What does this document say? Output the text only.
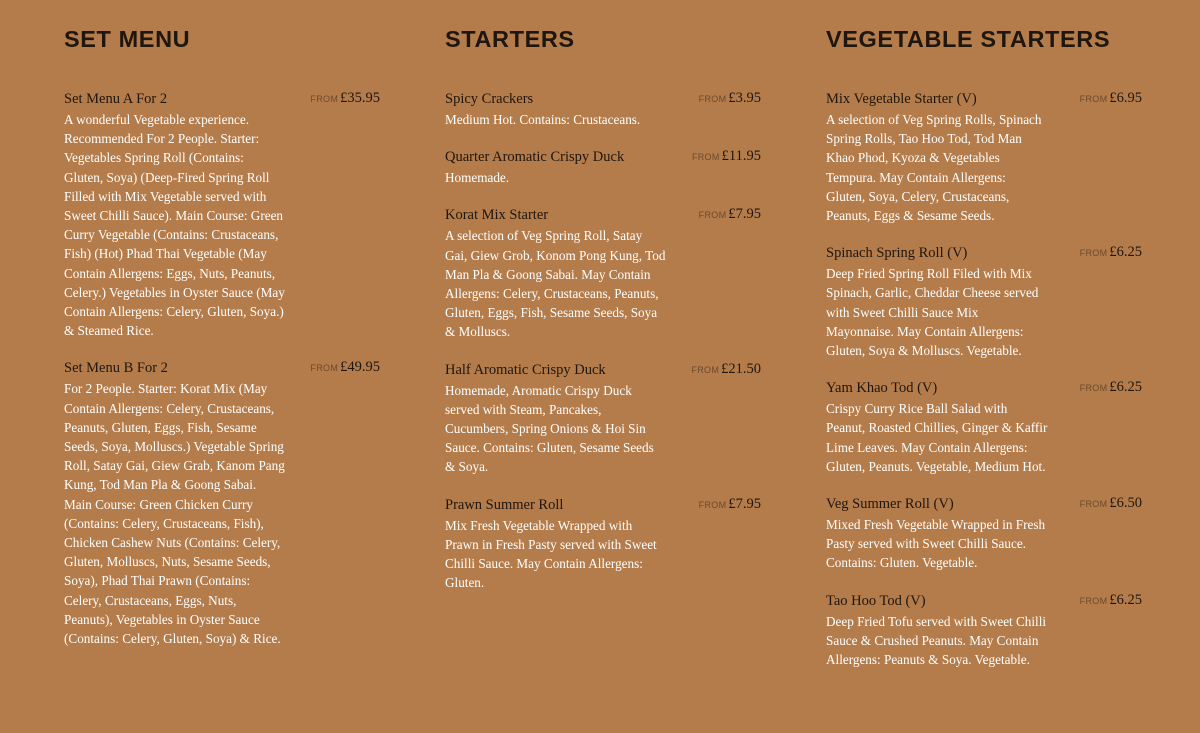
SET MENU
Set Menu A For 2	FROM £35.95
A wonderful Vegetable experience. Recommended For 2 People. Starter: Vegetables Spring Roll (Contains: Gluten, Soya) (Deep-Fired Spring Roll Filled with Mix Vegetable served with Sweet Chilli Sauce). Main Course: Green Curry Vegetable (Contains: Crustaceans, Fish) (Hot) Phad Thai Vegetable (May Contain Allergens: Eggs, Nuts, Peanuts, Celery.) Vegetables in Oyster Sauce (May Contain Allergens: Celery, Gluten, Soya.) & Steamed Rice.
Set Menu B For 2	FROM £49.95
For 2 People. Starter: Korat Mix (May Contain Allergens: Celery, Crustaceans, Peanuts, Gluten, Eggs, Fish, Sesame Seeds, Soya, Molluscs.) Vegetable Spring Roll, Satay Gai, Giew Grab, Kanom Pang Kung, Tod Man Pla & Goong Sabai. Main Course: Green Chicken Curry (Contains: Celery, Crustaceans, Fish), Chicken Cashew Nuts (Contains: Celery, Gluten, Molluscs, Nuts, Sesame Seeds, Soya), Phad Thai Prawn (Contains: Celery, Crustaceans, Eggs, Nuts, Peanuts), Vegetables in Oyster Sauce (Contains: Celery, Gluten, Soya) & Rice.
STARTERS
Spicy Crackers	FROM £3.95
Medium Hot. Contains: Crustaceans.
Quarter Aromatic Crispy Duck	FROM £11.95
Homemade.
Korat Mix Starter	FROM £7.95
A selection of Veg Spring Roll, Satay Gai, Giew Grob, Konom Pong Kung, Tod Man Pla & Goong Sabai. May Contain Allergens: Celery, Crustaceans, Peanuts, Gluten, Eggs, Fish, Sesame Seeds, Soya & Molluscs.
Half Aromatic Crispy Duck	FROM £21.50
Homemade, Aromatic Crispy Duck served with Steam, Pancakes, Cucumbers, Spring Onions & Hoi Sin Sauce. Contains: Gluten, Sesame Seeds & Soya.
Prawn Summer Roll	FROM £7.95
Mix Fresh Vegetable Wrapped with Prawn in Fresh Pasty served with Sweet Chilli Sauce. May Contain Allergens: Gluten.
VEGETABLE STARTERS
Mix Vegetable Starter (V)	FROM £6.95
A selection of Veg Spring Rolls, Spinach Spring Rolls, Tao Hoo Tod, Tod Man Khao Phod, Kyoza & Vegetables Tempura. May Contain Allergens: Gluten, Soya, Celery, Crustaceans, Peanuts, Eggs & Sesame Seeds.
Spinach Spring Roll (V)	FROM £6.25
Deep Fried Spring Roll Filed with Mix Spinach, Garlic, Cheddar Cheese served with Sweet Chilli Sauce Mix Mayonnaise. May Contain Allergens: Gluten, Soya & Molluscs. Vegetable.
Yam Khao Tod (V)	FROM £6.25
Crispy Curry Rice Ball Salad with Peanut, Roasted Chillies, Ginger & Kaffir Lime Leaves. May Contain Allergens: Gluten, Peanuts. Vegetable, Medium Hot.
Veg Summer Roll (V)	FROM £6.50
Mixed Fresh Vegetable Wrapped in Fresh Pasty served with Sweet Chilli Sauce. Contains: Gluten. Vegetable.
Tao Hoo Tod (V)	FROM £6.25
Deep Fried Tofu served with Sweet Chilli Sauce & Crushed Peanuts. May Contain Allergens: Peanuts & Soya. Vegetable.
